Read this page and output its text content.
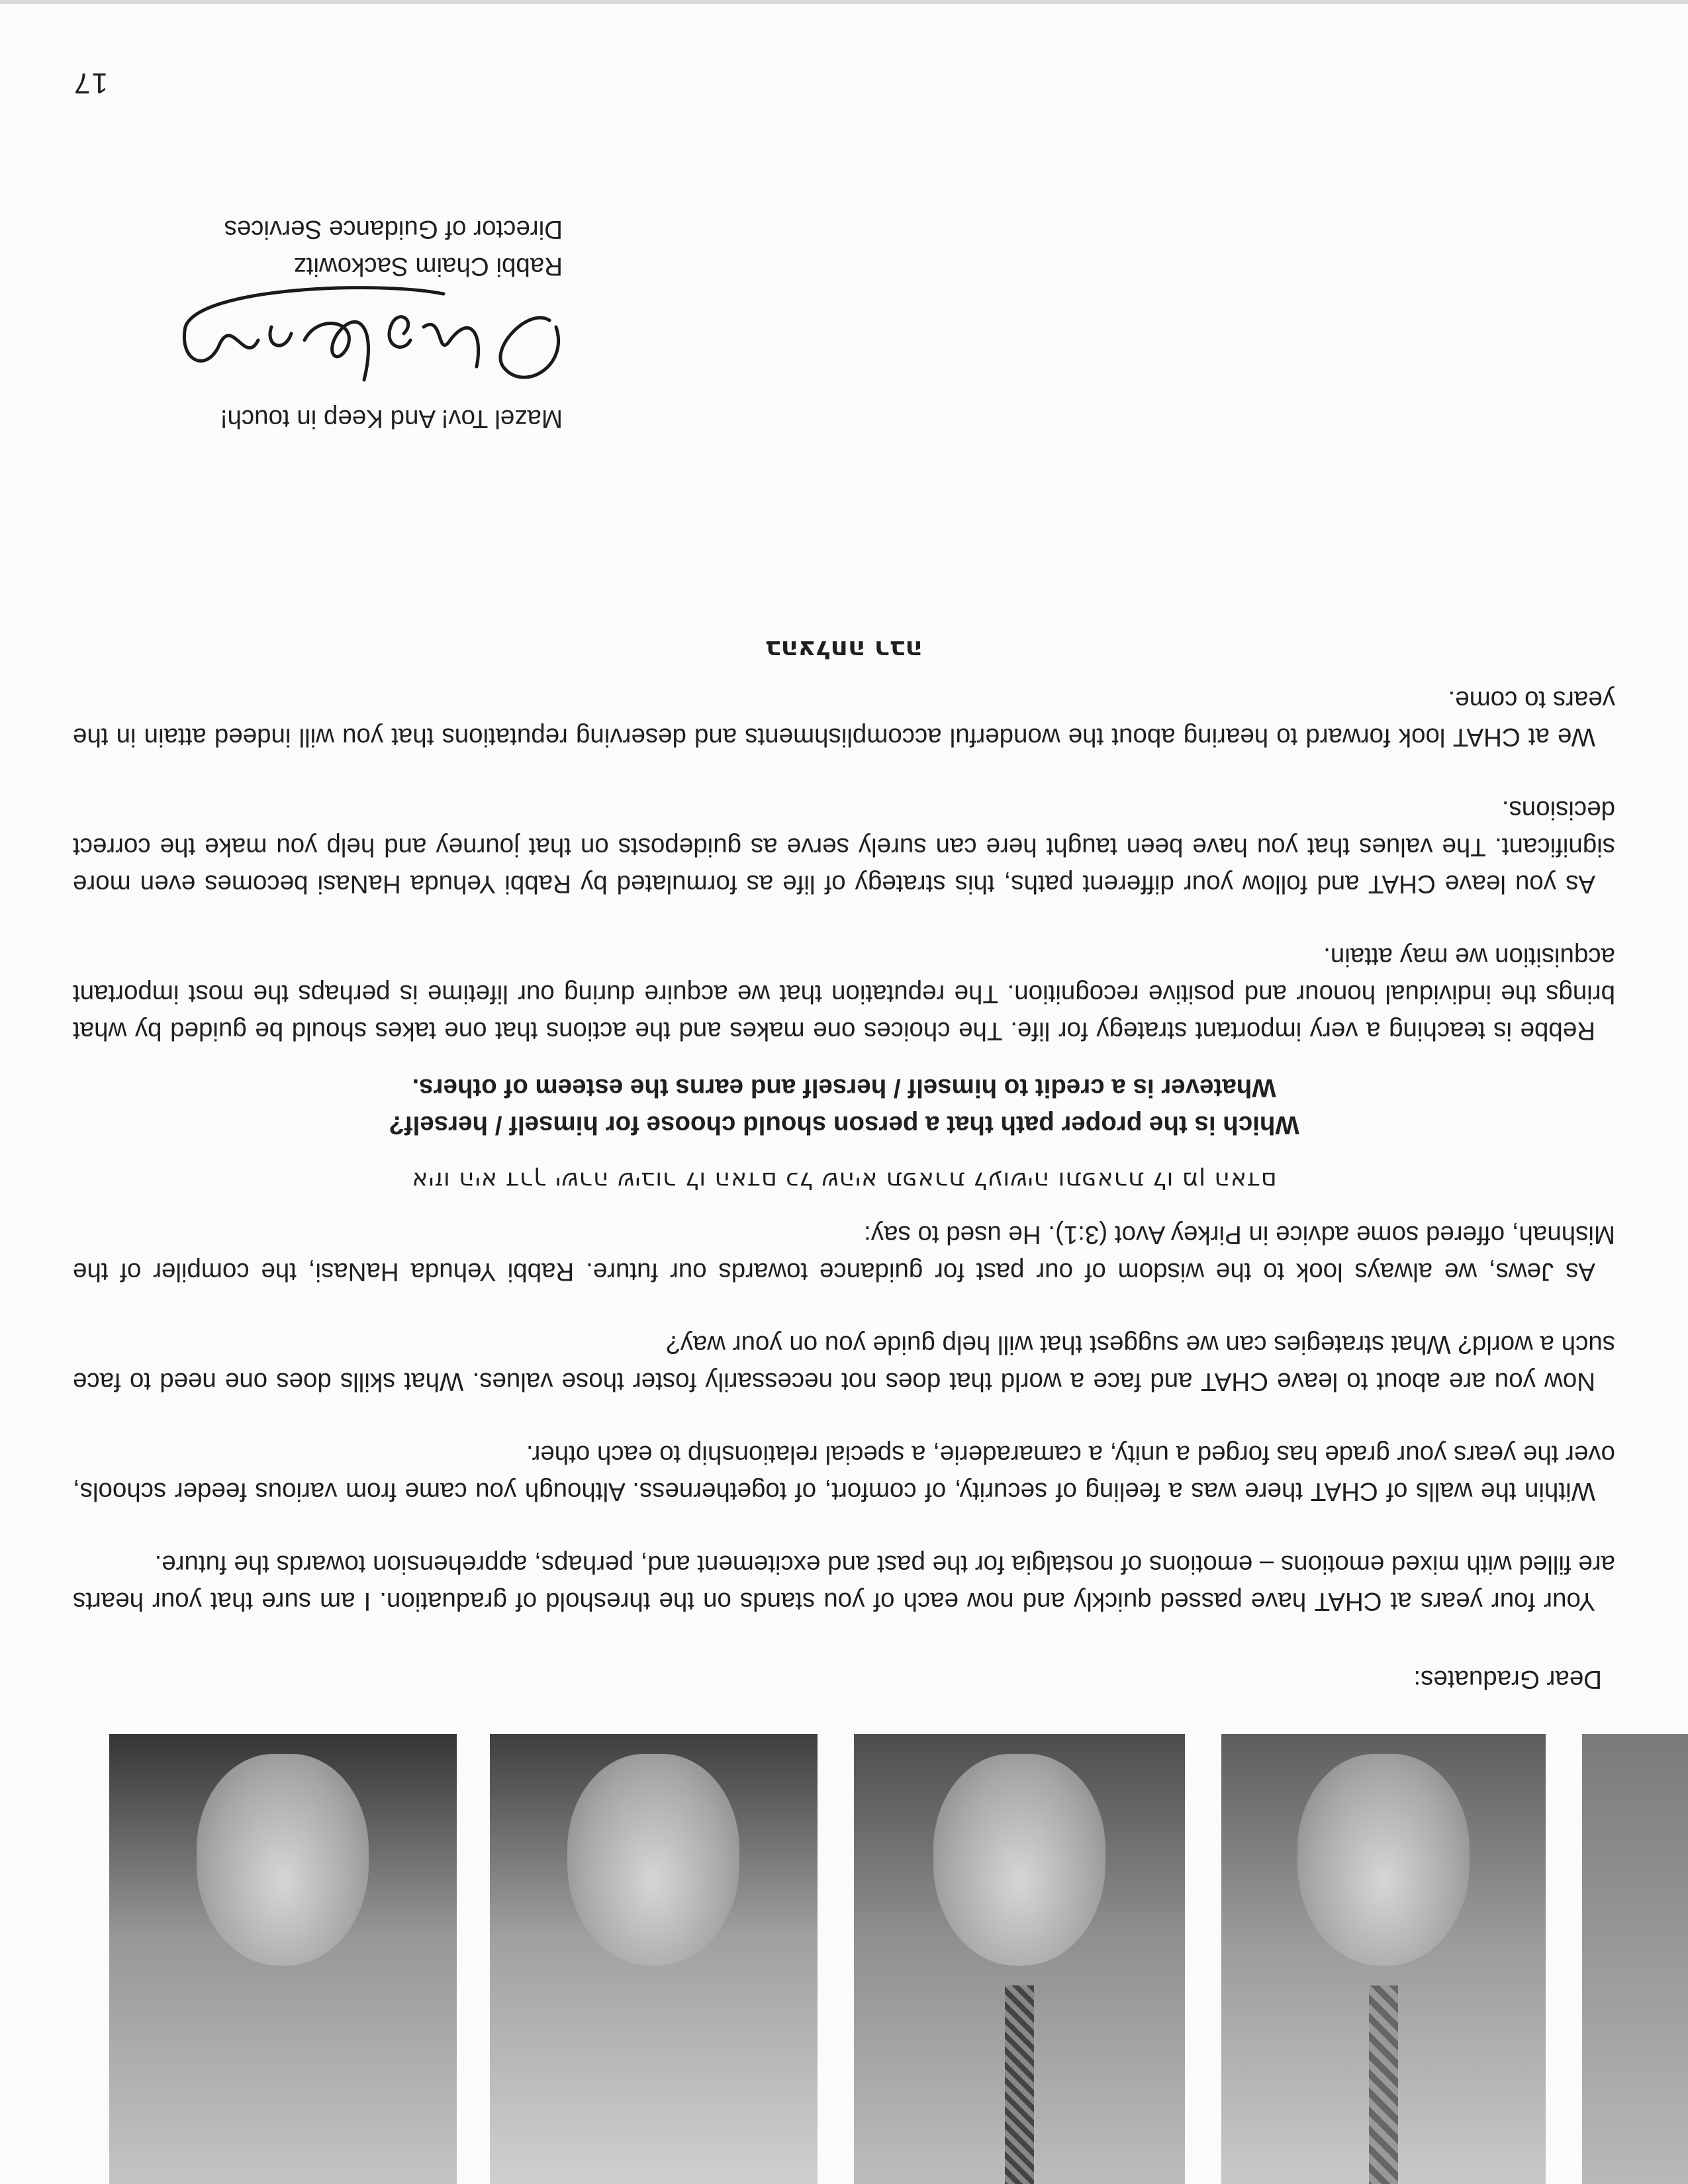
Dear Graduates:

Your four years at CHAT have passed quickly and now each of you stands on the threshold of graduation. I am sure that your hearts are filled with mixed emotions – emotions of nostalgia for the past and excitement and, perhaps, apprehension towards the future.

Within the walls of CHAT there was a feeling of security, of comfort, of togetherness. Although you came from various feeder schools, over the years your grade has forged a unity, a camaraderie, a special relationship to each other.

Now you are about to leave CHAT and face a world that does not necessarily foster those values. What skills does one need to face such a world? What strategies can we suggest that will help guide you on your way?

As Jews, we always look to the wisdom of our past for guidance towards our future. Rabbi Yehuda HaNasi, the compiler of the Mishnah, offered some advice in Pirkey Avot (3:1). He used to say:

איזו היא דרך ישרה שיבור לו האדם כל שהיא תפארת לעושיה ותפארת לו מן האדם
Which is the proper path that a person should choose for himself / herself?
Whatever is a credit to himself / herself and earns the esteem of others.

Rebbe is teaching a very important strategy for life. The choices one makes and the actions that one takes should be guided by what brings the individual honour and positive recognition. The reputation that we acquire during our lifetime is perhaps the most important acquisition we may attain.

As you leave CHAT and follow your different paths, this strategy of life as formulated by Rabbi Yehuda HaNasi becomes even more significant. The values that you have been taught here can surely serve as guideposts on that journey and help you make the correct decisions.

We at CHAT look forward to hearing about the wonderful accomplishments and deserving reputations that you will indeed attain in the years to come.

בהצלחה רבה
Mazel Tov! And Keep in touch!
Rabbi Chaim Sackowitz
Director of Guidance Services
17
